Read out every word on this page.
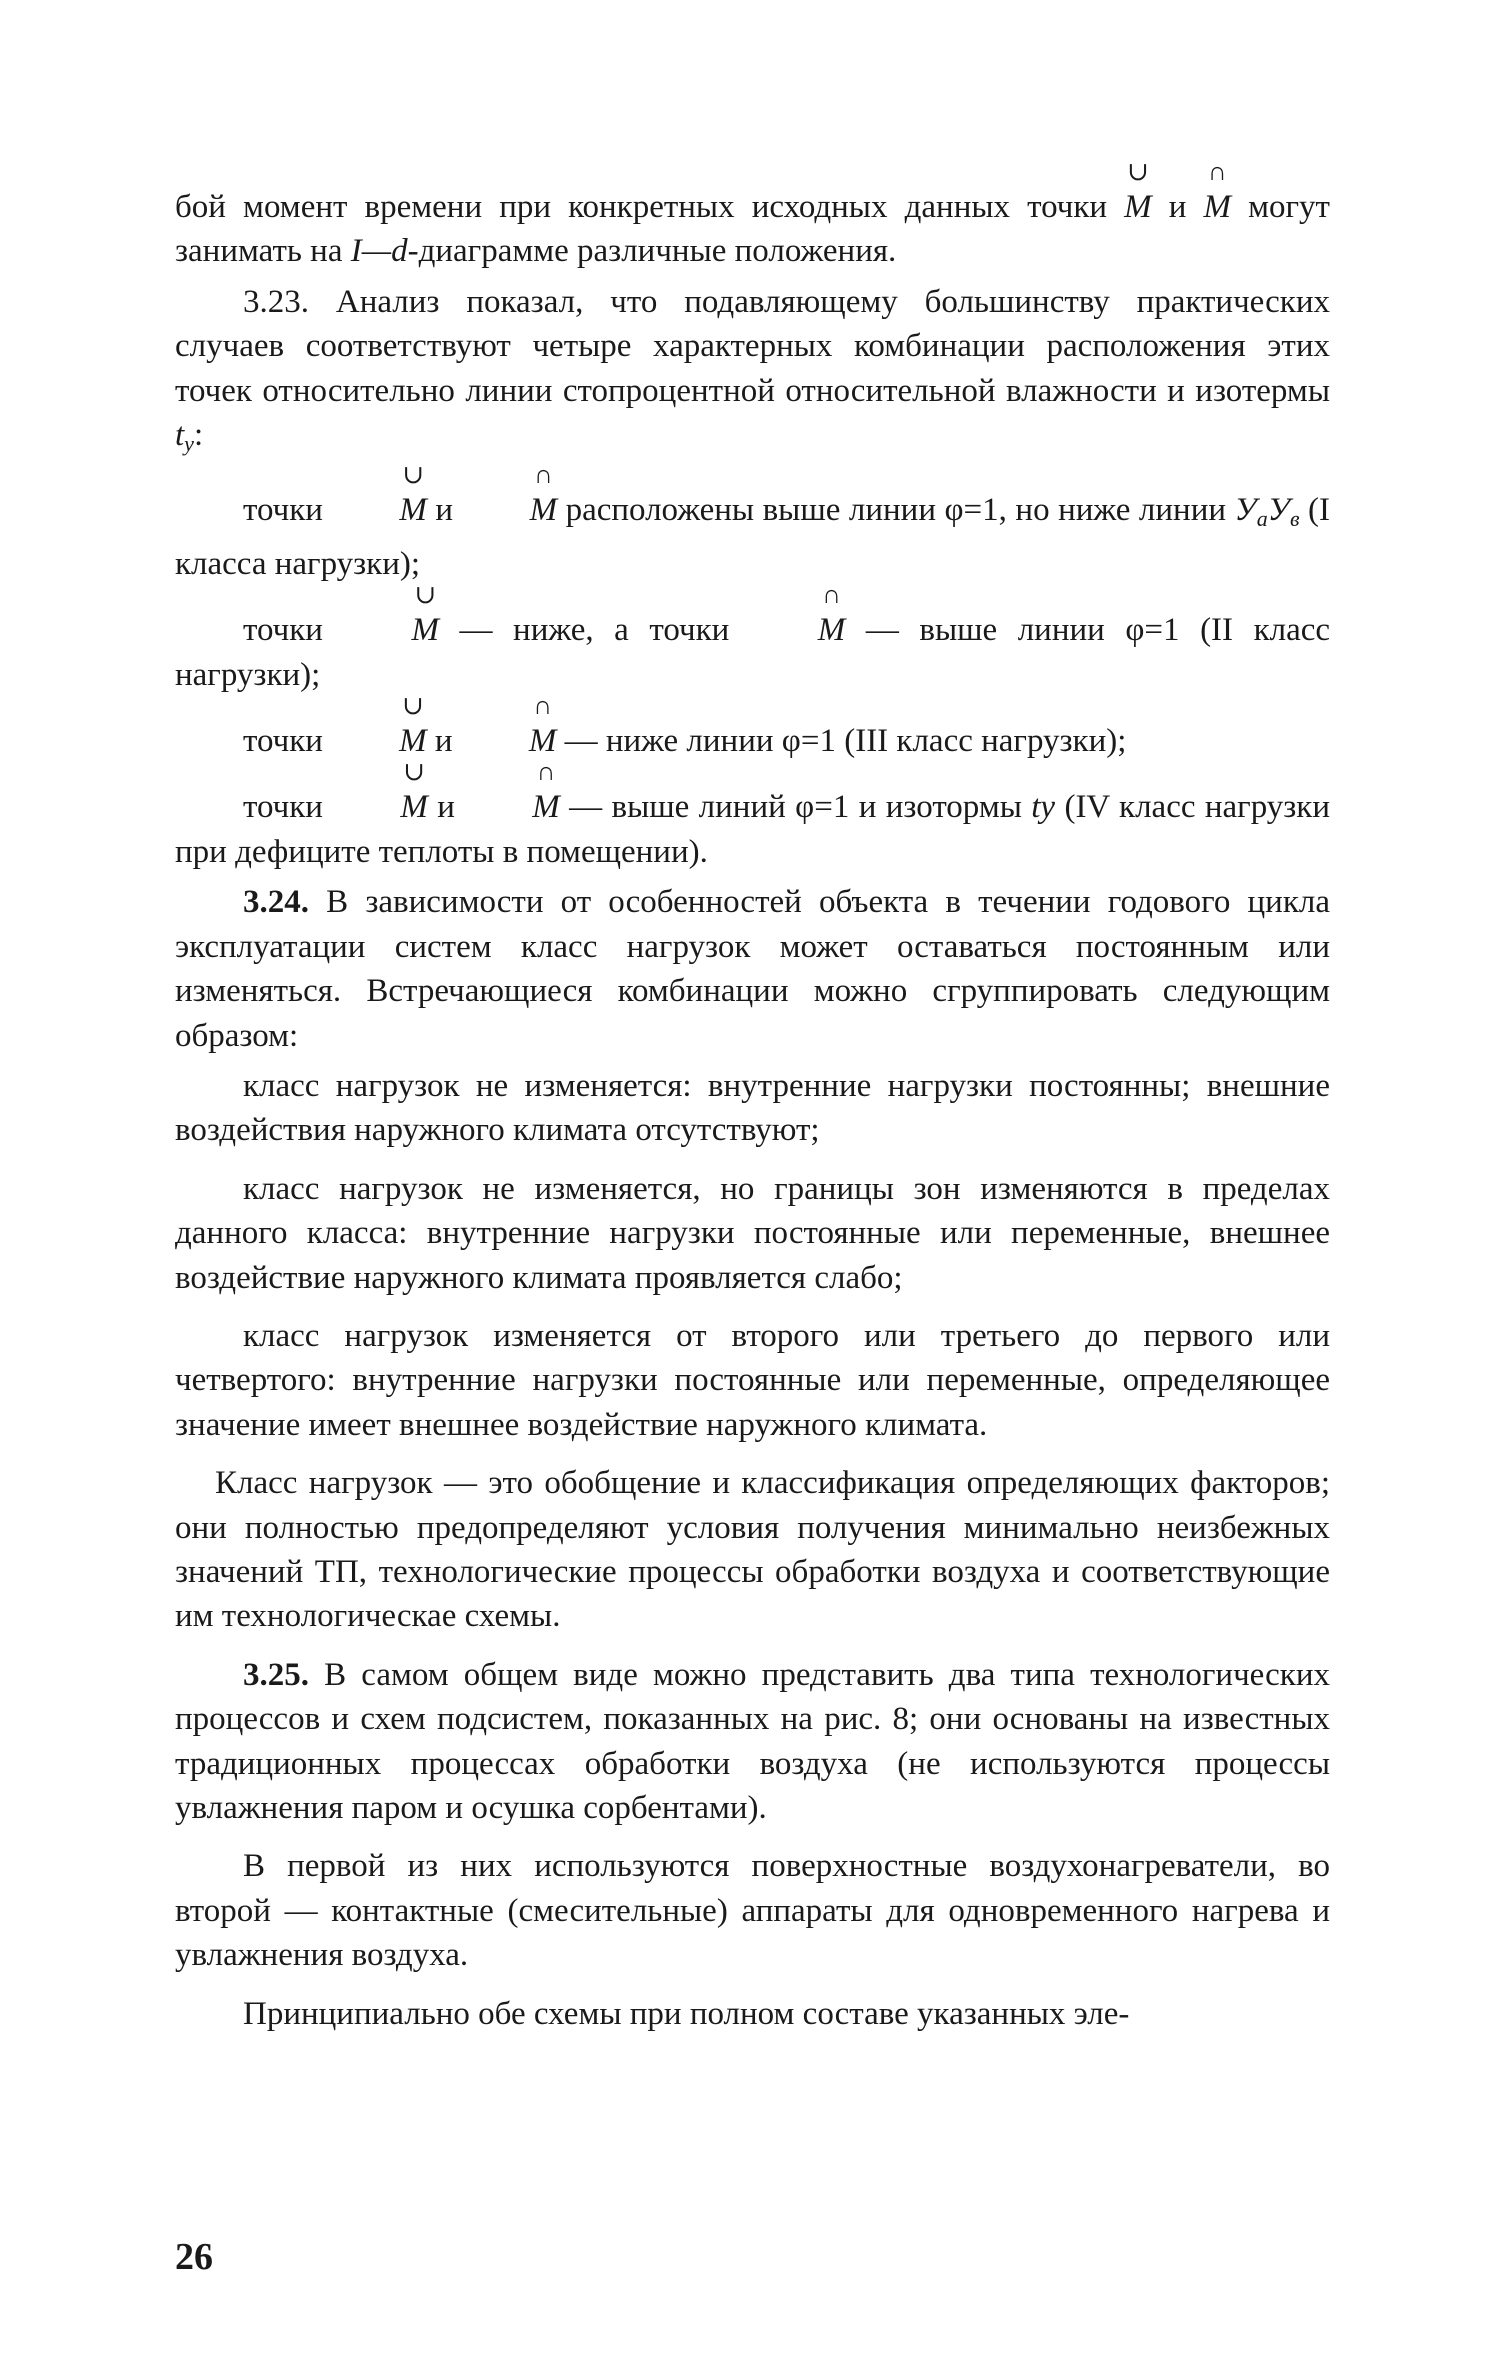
бой момент времени при конкретных исходных данных точки
∪
M и
∩
M могут занимать на I—d-диаграмме различные положения.

3.23. Анализ показал, что подавляющему большинству практических случаев соответствуют четыре характерных комбинации расположения этих точек относительно линии стопроцентной относительной влажности и изотермы $t_у$:

точки
∪
M и
∩
M расположены выше линии φ=1, но ниже линии $У_аУ_в$ (I класса нагрузки);

точки
∪
M — ниже, а точки
∩
M — выше линии φ=1 (II класс нагрузки);

точки
∪
M и
∩
M — ниже линии φ=1 (III класс нагрузки);

точки
∪
M и
∩
M — выше линий φ=1 и изотормы ty (IV класс нагрузки при дефиците теплоты в помещении).

3.24. В зависимости от особенностей объекта в течении годового цикла эксплуатации систем класс нагрузок может оставаться постоянным или изменяться. Встречающиеся комбинации можно сгруппировать следующим образом:

класс нагрузок не изменяется: внутренние нагрузки постоянны; внешние воздействия наружного климата отсутствуют;

класс нагрузок не изменяется, но границы зон изменяются в пределах данного класса: внутренние нагрузки постоянные или переменные, внешнее воздействие наружного климата проявляется слабо;

класс нагрузок изменяется от второго или третьего до первого или четвертого: внутренние нагрузки постоянные или переменные, определяющее значение имеет внешнее воздействие наружного климата.

Класс нагрузок — это обобщение и классификация определяющих факторов; они полностью предопределяют условия получения минимально неизбежных значений ТП, технологические процессы обработки воздуха и соответствующие им технологическае схемы.

3.25. В самом общем виде можно представить два типа технологических процессов и схем подсистем, показанных на рис. 8; они основаны на известных традиционных процессах обработки воздуха (не используются процессы увлажнения паром и осушка сорбентами).

В первой из них используются поверхностные воздухонагреватели, во второй — контактные (смесительные) аппараты для одновременного нагрева и увлажнения воздуха.

Принципиально обе схемы при полном составе указанных эле-

26
